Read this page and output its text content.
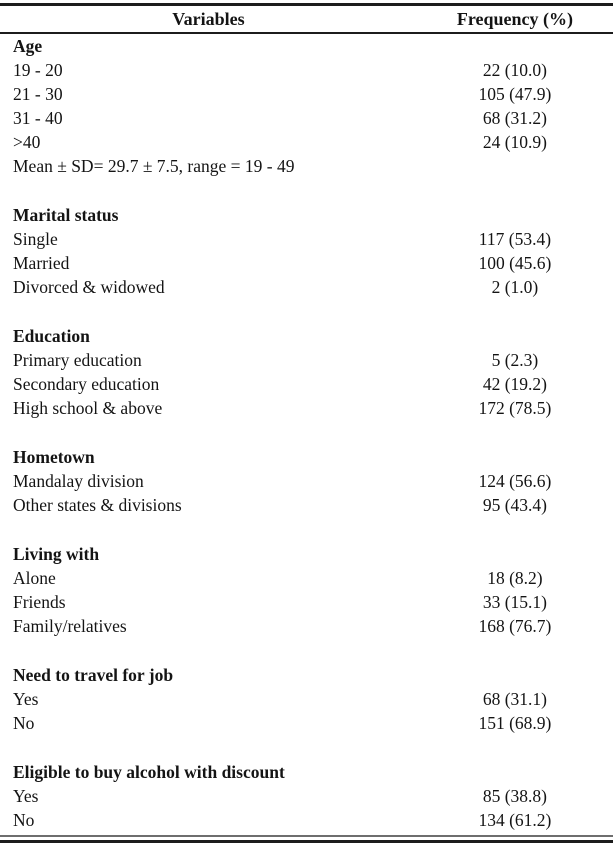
Variables	Frequency (%)
Age
19 - 20	22 (10.0)
21 - 30	105 (47.9)
31 - 40	68 (31.2)
>40	24 (10.9)
Mean ± SD= 29.7 ± 7.5, range = 19 - 49
Marital status
Single	117 (53.4)
Married	100 (45.6)
Divorced & widowed	2 (1.0)
Education
Primary education	5 (2.3)
Secondary education	42 (19.2)
High school & above	172 (78.5)
Hometown
Mandalay division	124 (56.6)
Other states & divisions	95 (43.4)
Living with
Alone	18 (8.2)
Friends	33 (15.1)
Family/relatives	168 (76.7)
Need to travel for job
Yes	68 (31.1)
No	151 (68.9)
Eligible to buy alcohol with discount
Yes	85 (38.8)
No	134 (61.2)
